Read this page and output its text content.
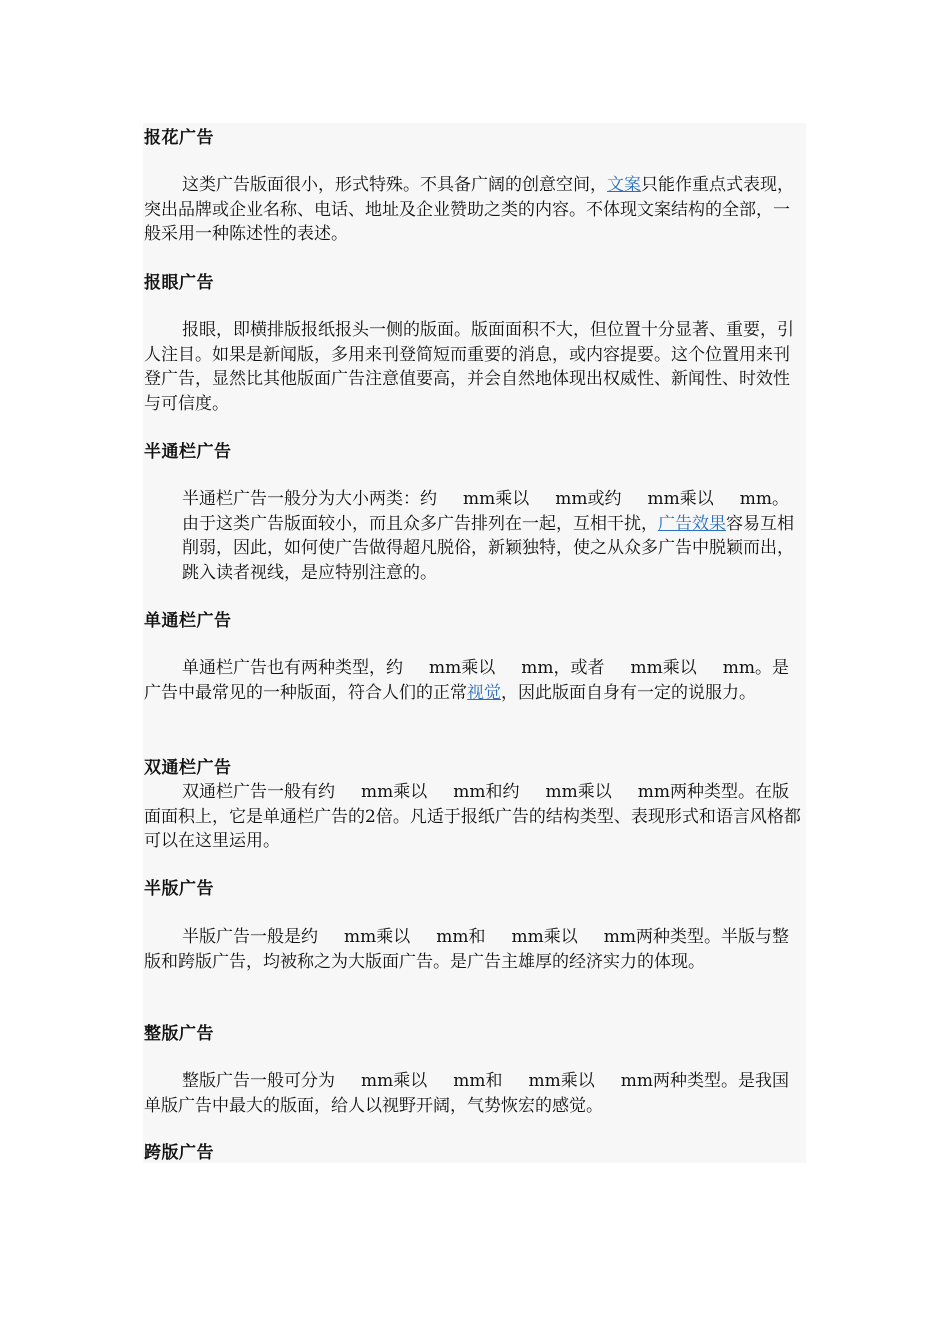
报花广告

这类广告版面很小，形式特殊。不具备广阔的创意空间，文案只能作重点式表现，突出品牌或企业名称、电话、地址及企业赞助之类的内容。不体现文案结构的全部，一般采用一种陈述性的表述。

报眼广告

报眼，即横排版报纸报头一侧的版面。版面面积不大，但位置十分显著、重要，引人注目。如果是新闻版，多用来刊登简短而重要的消息，或内容提要。这个位置用来刊登广告，显然比其他版面广告注意值要高，并会自然地体现出权威性、新闻性、时效性与可信度。

半通栏广告

半通栏广告一般分为大小两类：约 mm乘以 mm或约 mm乘以 mm。由于这类广告版面较小，而且众多广告排列在一起，互相干扰，广告效果容易互相削弱，因此，如何使广告做得超凡脱俗，新颖独特，使之从众多广告中脱颖而出，跳入读者视线，是应特别注意的。

单通栏广告

单通栏广告也有两种类型，约 mm乘以 mm，或者 mm乘以 mm。是广告中最常见的一种版面，符合人们的正常视觉，因此版面自身有一定的说服力。

双通栏广告

双通栏广告一般有约 mm乘以 mm和约 mm乘以 mm两种类型。在版面面积上，它是单通栏广告的2倍。凡适于报纸广告的结构类型、表现形式和语言风格都可以在这里运用。

半版广告

半版广告一般是约 mm乘以 mm和 mm乘以 mm两种类型。半版与整版和跨版广告，均被称之为大版面广告。是广告主雄厚的经济实力的体现。

整版广告

整版广告一般可分为 mm乘以 mm和 mm乘以 mm两种类型。是我国单版广告中最大的版面，给人以视野开阔，气势恢宏的感觉。

跨版广告
